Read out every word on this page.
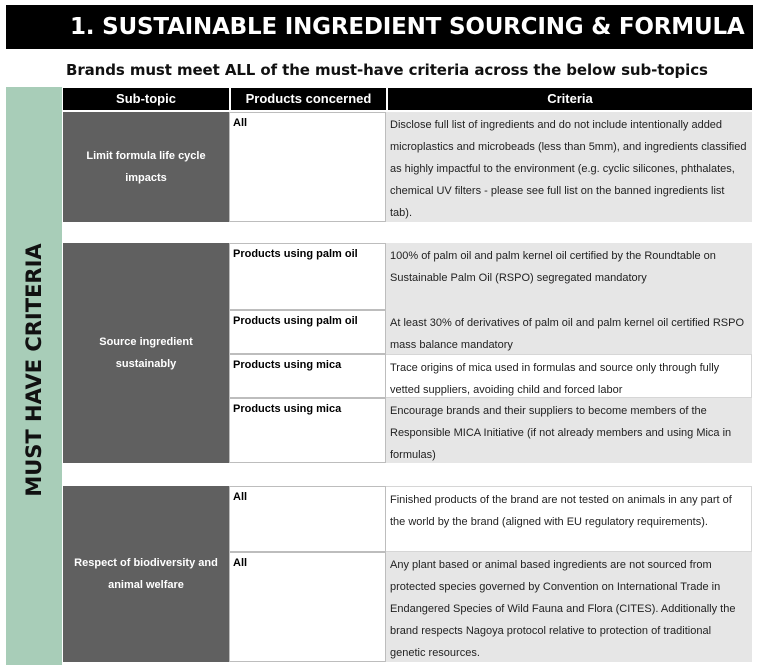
1. SUSTAINABLE INGREDIENT SOURCING & FORMULA
Brands must meet ALL of the must-have criteria across the below sub-topics
MUST HAVE CRITERIA
Sub-topic	Products concerned	Criteria
Limit formula life cycle impacts
All	Disclose full list of ingredients and do not include intentionally added microplastics and microbeads (less than 5mm), and ingredients classified as highly impactful to the environment (e.g. cyclic silicones, phthalates, chemical UV filters - please see full list on the banned ingredients list tab).
Source ingredient sustainably
Products using palm oil	100% of palm oil and palm kernel oil certified by the Roundtable on Sustainable Palm Oil (RSPO) segregated mandatory
Products using palm oil	At least 30% of derivatives of palm oil and palm kernel oil certified RSPO mass balance mandatory
Products using mica	Trace origins of mica used in formulas and source only through fully vetted suppliers, avoiding child and forced labor
Products using mica	Encourage brands and their suppliers to become members of the Responsible MICA Initiative (if not already members and using Mica in formulas)
Respect of biodiversity and animal welfare
All	Finished products of the brand are not tested on animals in any part of the world by the brand (aligned with EU regulatory requirements).
All	Any plant based or animal based ingredients are not sourced from protected species governed by Convention on International Trade in Endangered Species of Wild Fauna and Flora (CITES). Additionally the brand respects Nagoya protocol relative to protection of traditional genetic resources.
